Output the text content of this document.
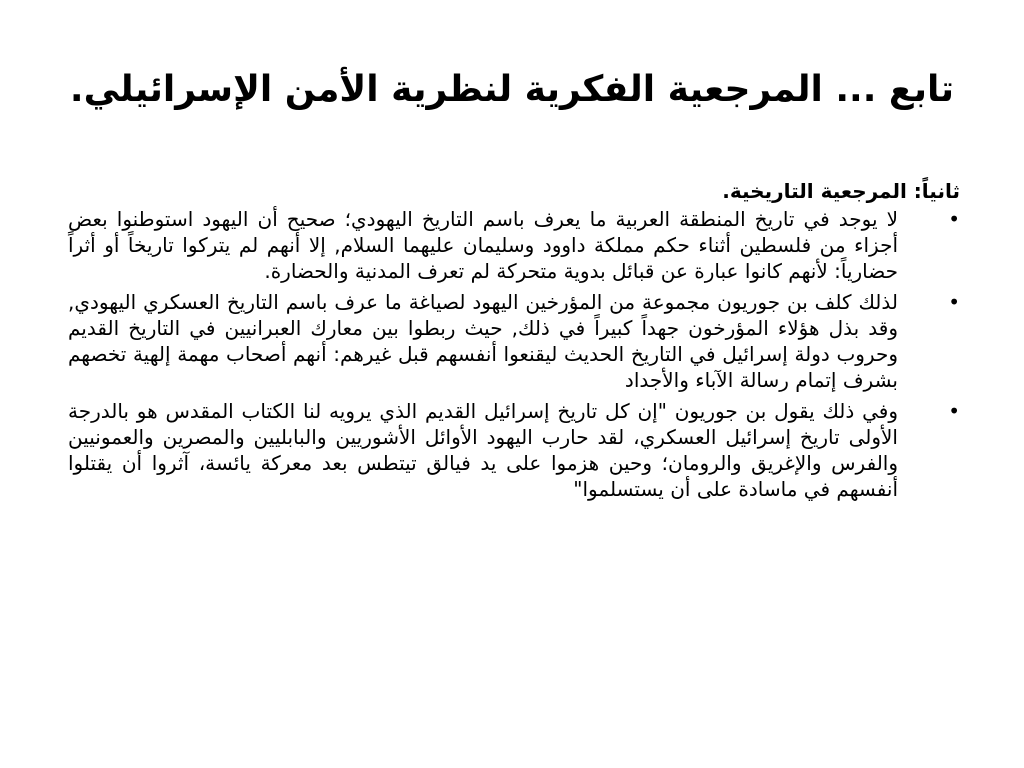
تابع ... المرجعية الفكرية لنظرية الأمن الإسرائيلي.
ثانياً: المرجعية التاريخية.
•
لا يوجد في تاريخ المنطقة العربية ما يعرف باسم التاريخ اليهودي؛ صحيح أن اليهود استوطنوا بعض أجزاء من فلسطين أثناء حكم مملكة داوود وسليمان عليهما السلام, إلا أنهم لم يتركوا تاريخاً أو أثراً حضارياً: لأنهم كانوا عبارة عن قبائل بدوية متحركة لم تعرف المدنية والحضارة.
•
لذلك كلف بن جوريون مجموعة من المؤرخين اليهود لصياغة ما عرف باسم التاريخ العسكري اليهودي, وقد بذل هؤلاء المؤرخون جهداً كبيراً في ذلك, حيث ربطوا بين معارك العبرانيين في التاريخ القديم وحروب دولة إسرائيل في التاريخ الحديث ليقنعوا أنفسهم قبل غيرهم: أنهم أصحاب مهمة إلهية تخصهم بشرف إتمام رسالة الآباء والأجداد
•
وفي ذلك يقول بن جوريون "إن كل تاريخ إسرائيل القديم الذي يرويه لنا الكتاب المقدس هو بالدرجة الأولى تاريخ إسرائيل العسكري، لقد حارب اليهود الأوائل الأشوريين والبابليين والمصرين والعمونيين والفرس والإغريق والرومان؛ وحين هزموا على يد فيالق تيتطس بعد معركة يائسة، آثروا أن يقتلوا أنفسهم في ماسادة على أن يستسلموا"
